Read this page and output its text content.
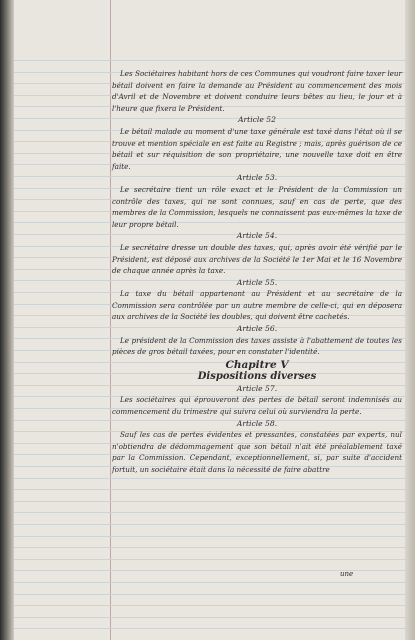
Les Sociétaires habitant hors de ces Communes qui voudront faire taxer leur bétail doivent en faire la demande au Président au commencement des mois d'Avril et de Novembre et doivent conduire leurs bêtes au lieu, le jour et à l'heure que fixera le Président.

Article 52

Le bétail malade au moment d'une taxe générale est taxé dans l'état où il se trouve et mention spéciale en est faite au Registre ; mais, après guérison de ce bétail et sur réquisition de son propriétaire, une nouvelle taxe doit en être faite.

Article 53.

Le secrétaire tient un rôle exact et le Président de la Commission un contrôle des taxes, qui ne sont connues, sauf en cas de perte, que des membres de la Commission, lesquels ne connaissent pas eux-mêmes la taxe de leur propre bétail.

Article 54.

Le secrétaire dresse un double des taxes, qui, après avoir été vérifié par le Président, est déposé aux archives de la Société le 1er Mai et le 16 Novembre de chaque année après la taxe.

Article 55.

La taxe du bétail appartenant au Président et au secrétaire de la Commission sera contrôlée par un autre membre de celle-ci, qui en déposera aux archives de la Société les doubles, qui doivent être cachetés.

Article 56.

Le président de la Commission des taxes assiste à l'abattement de toutes les pièces de gros bétail taxées, pour en constater l'identité.

Chapitre V

Dispositions diverses

Article 57.

Les sociétaires qui éprouveront des pertes de bétail seront indemnisés au commencement du trimestre qui suivra celui où surviendra la perte.

Article 58.

Sauf les cas de pertes évidentes et pressantes, constatées par experts, nul n'obtiendra de dédommagement que son bétail n'ait été préalablement taxé par la Commission. Cependant, exceptionnellement, si, par suite d'accident fortuit, un sociétaire était dans la nécessité de faire abattre

une
